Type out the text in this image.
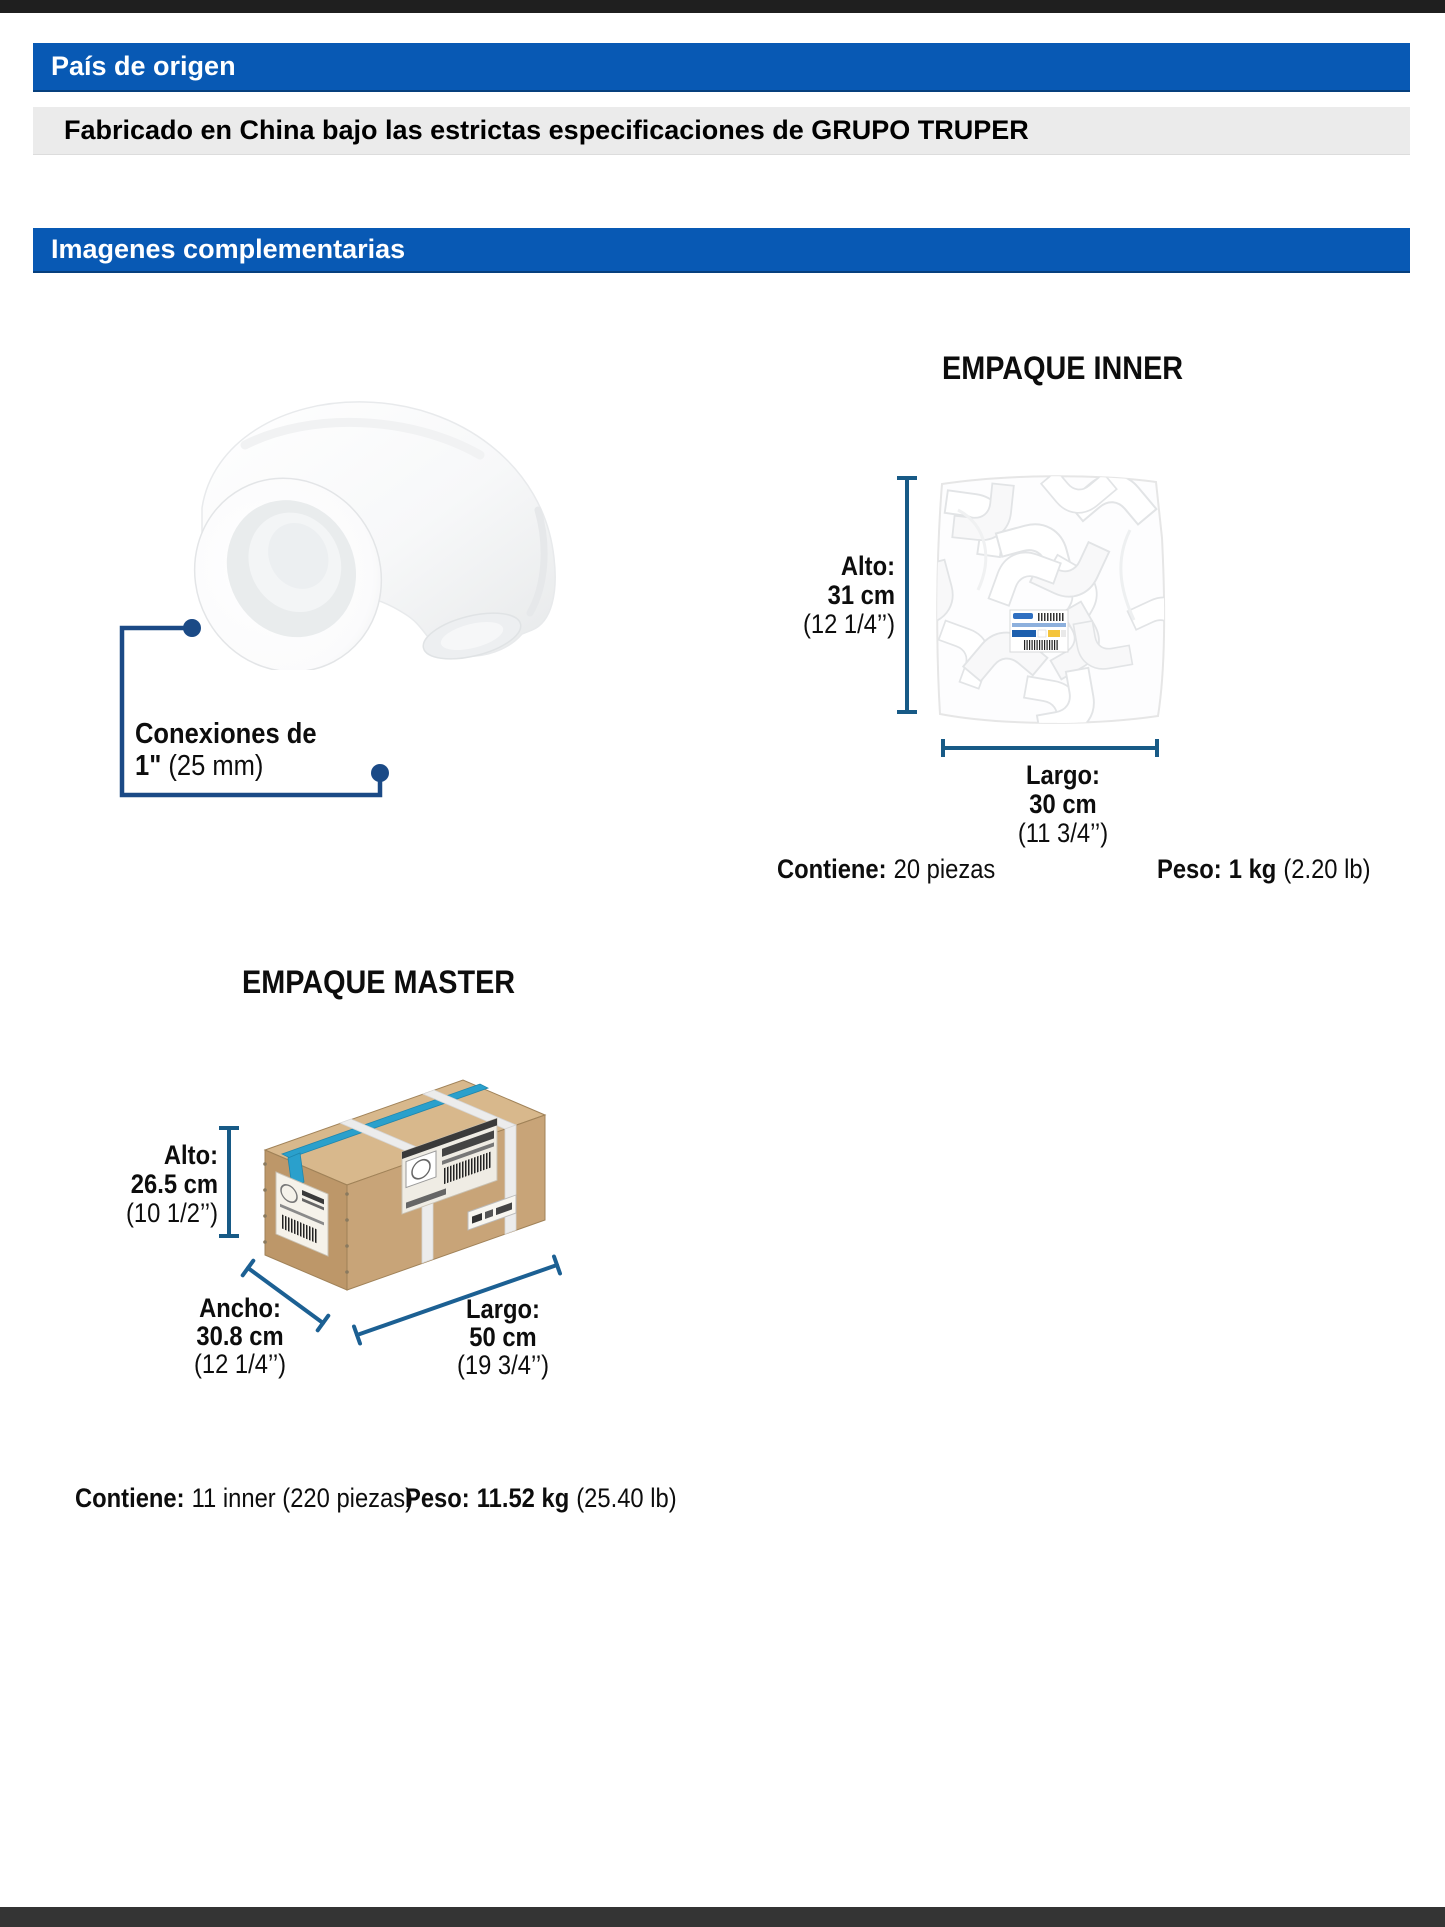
País de origen
Fabricado en China bajo las estrictas especificaciones de GRUPO TRUPER
Imagenes complementarias
Conexiones de
1" (25 mm)
EMPAQUE INNER
Alto:
31 cm
(12 1/4’’)
Largo:
30 cm
(11 3/4’’)
Contiene: 20 piezas	Peso: 1 kg (2.20 lb)
EMPAQUE MASTER
Alto:
26.5 cm
(10 1/2’’)
Ancho:
30.8 cm
(12 1/4’’)
Largo:
50 cm
(19 3/4’’)
Contiene: 11 inner (220 piezas)
Peso: 11.52 kg (25.40 lb)
